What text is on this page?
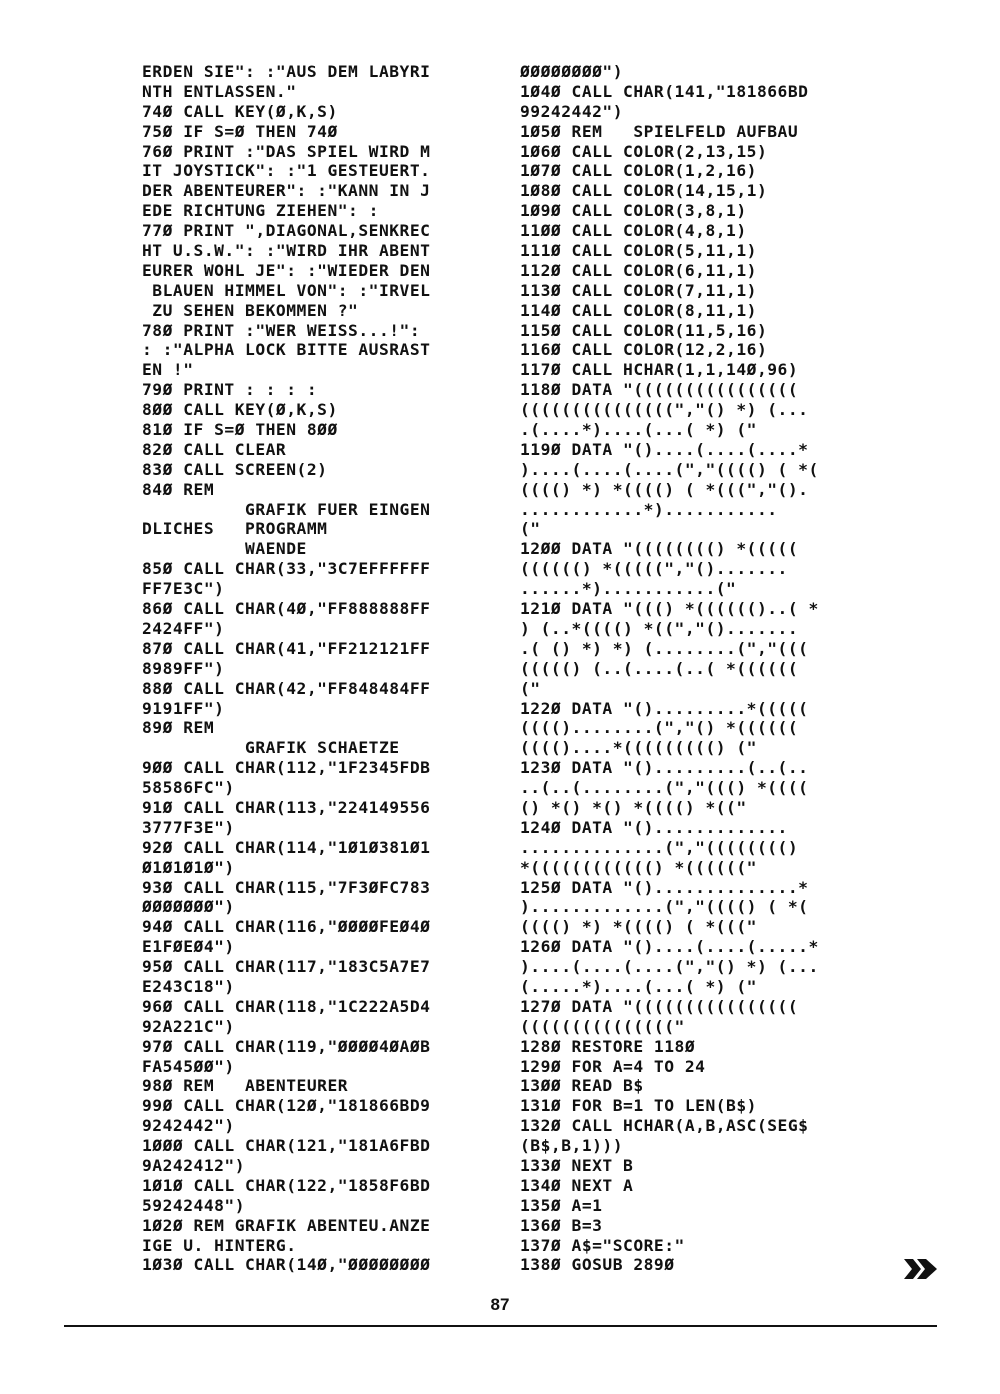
ERDEN SIE": :"AUS DEM LABYRI
NTH ENTLASSEN."
74Ø CALL KEY(Ø,K,S)
75Ø IF S=Ø THEN 74Ø
76Ø PRINT :"DAS SPIEL WIRD M
IT JOYSTICK": :"1 GESTEUERT.
DER ABENTEURER": :"KANN IN J
EDE RICHTUNG ZIEHEN": :
77Ø PRINT ",DIAGONAL,SENKREC
HT U.S.W.": :"WIRD IHR ABENT
EURER WOHL JE": :"WIEDER DEN
BLAUEN HIMMEL VON": :"IRVEL
ZU SEHEN BEKOMMEN ?"
78Ø PRINT :"WER WEISS...!":
: :"ALPHA LOCK BITTE AUSRAST
EN !"
79Ø PRINT : : : :
8ØØ CALL KEY(Ø,K,S)
81Ø IF S=Ø THEN 8ØØ
82Ø CALL CLEAR
83Ø CALL SCREEN(2)
84Ø REM
GRAFIK FUER EINGEN
DLICHES   PROGRAMM
WAENDE
85Ø CALL CHAR(33,"3C7EFFFFFF
FF7E3C")
86Ø CALL CHAR(4Ø,"FF888888FF
2424FF")
87Ø CALL CHAR(41,"FF212121FF
8989FF")
88Ø CALL CHAR(42,"FF848484FF
9191FF")
89Ø REM
GRAFIK SCHAETZE
9ØØ CALL CHAR(112,"1F2345FDB
58586FC")
91Ø CALL CHAR(113,"224149556
3777F3E")
92Ø CALL CHAR(114,"1Ø1Ø381Ø1
Ø1Ø1Ø1Ø")
93Ø CALL CHAR(115,"7F3ØFC783
ØØØØØØØ")
94Ø CALL CHAR(116,"ØØØØFEØ4Ø
E1FØEØ4")
95Ø CALL CHAR(117,"183C5A7E7
E243C18")
96Ø CALL CHAR(118,"1C222A5D4
92A221C")
97Ø CALL CHAR(119,"ØØØØ4ØAØB
FA545ØØ")
98Ø REM   ABENTEURER
99Ø CALL CHAR(12Ø,"181866BD9
9242442")
1ØØØ CALL CHAR(121,"181A6FBD
9A242412")
1Ø1Ø CALL CHAR(122,"1858F6BD
59242448")
1Ø2Ø REM GRAFIK ABENTEU.ANZE
IGE U. HINTERG.
1Ø3Ø CALL CHAR(14Ø,"ØØØØØØØØ
ØØØØØØØØ")
1Ø4Ø CALL CHAR(141,"181866BD
99242442")
1Ø5Ø REM   SPIELFELD AUFBAU
1Ø6Ø CALL COLOR(2,13,15)
1Ø7Ø CALL COLOR(1,2,16)
1Ø8Ø CALL COLOR(14,15,1)
1Ø9Ø CALL COLOR(3,8,1)
11ØØ CALL COLOR(4,8,1)
111Ø CALL COLOR(5,11,1)
112Ø CALL COLOR(6,11,1)
113Ø CALL COLOR(7,11,1)
114Ø CALL COLOR(8,11,1)
115Ø CALL COLOR(11,5,16)
116Ø CALL COLOR(12,2,16)
117Ø CALL HCHAR(1,1,14Ø,96)
118Ø DATA "((((((((((((((((
(((((((((((((((","() *) (...
.(....*)....(...( *) ("
119Ø DATA "()....(....(....*
)....(....(....(","(((() ( *(
(((() *) *(((() ( *(((","().
............*)...........
("
12ØØ DATA "(((((((() *(((((
(((((() *(((((","().......
......*)...........("
121Ø DATA "((() *(((((()..( *
) (..*(((() *((","().......
.( () *) *) (........(","(((
((((() (..(....(..( *((((((
("
122Ø DATA "().........*(((((
(((()........(","() *((((((
(((()....*((((((((() ("
123Ø DATA "().........(..(..
..(..(........(","((() *((((
() *() *() *(((() *(("
124Ø DATA "().............
..............(","(((((((()
*(((((((((((() *(((((("
125Ø DATA "()..............*
).............(","(((() ( *(
(((() *) *(((() ( *((("
126Ø DATA "()....(....(.....*
)....(....(....(","() *) (...
(.....*)....(...( *) ("
127Ø DATA "((((((((((((((((
((((((((((((((("
128Ø RESTORE 118Ø
129Ø FOR A=4 TO 24
13ØØ READ B$
131Ø FOR B=1 TO LEN(B$)
132Ø CALL HCHAR(A,B,ASC(SEG$
(B$,B,1)))
133Ø NEXT B
134Ø NEXT A
135Ø A=1
136Ø B=3
137Ø A$="SCORE:"
138Ø GOSUB 289Ø
87
